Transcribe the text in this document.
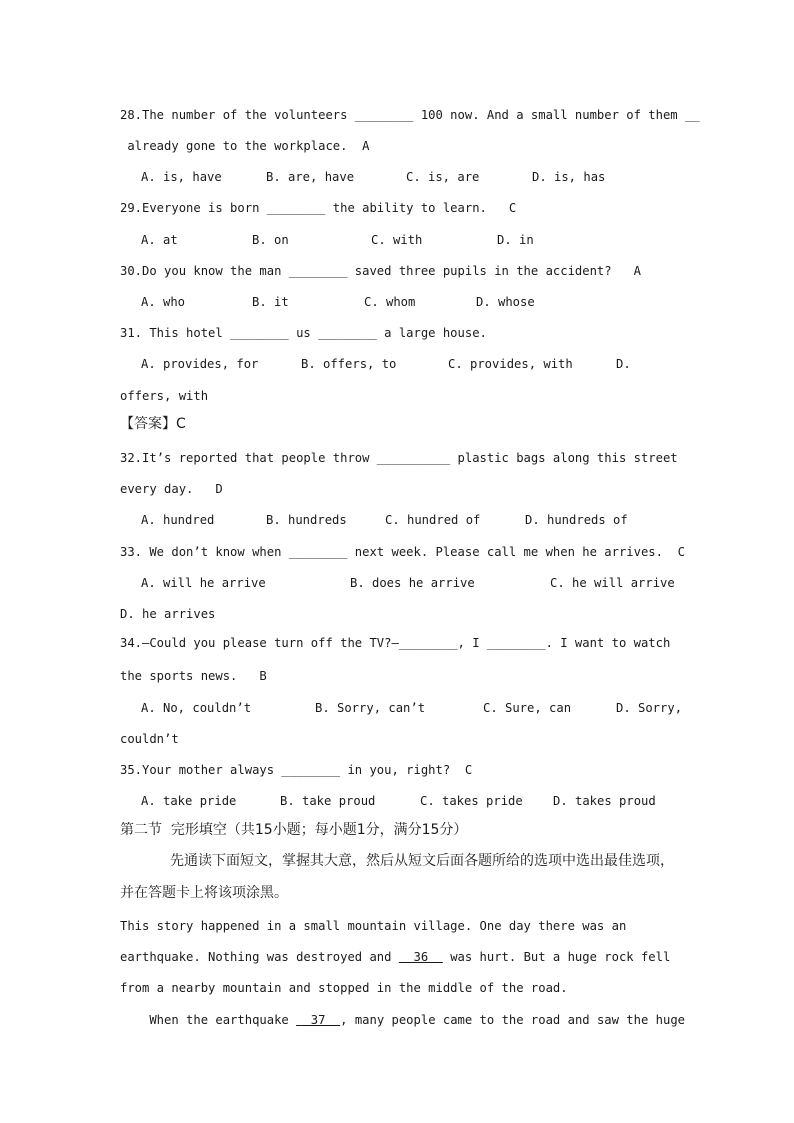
28.The number of the volunteers ________ 100 now. And a small number of them __
already gone to the workplace.  A
A. is, have	B. are, have	C. is, are	D. is, has
29.Everyone is born ________ the ability to learn.   C
A. at	B. on	C. with	D. in
30.Do you know the man ________ saved three pupils in the accident?   A
A. who	B. it	C. whom	D. whose
31. This hotel ________ us ________ a large house.
A. provides, for	B. offers, to	C. provides, with	D.
offers, with
【答案】C
32.It’s reported that people throw __________ plastic bags along this street
every day.   D
A. hundred	B. hundreds	C. hundred of	D. hundreds of
33. We don’t know when ________ next week. Please call me when he arrives.  C
A. will he arrive	B. does he arrive	C. he will arrive
D. he arrives
34.—Could you please turn off the TV?—________, I ________. I want to watch
the sports news.   B
A. No, couldn’t	B. Sorry, can’t	C. Sure, can	D. Sorry,
couldn’t
35.Your mother always ________ in you, right?  C
A. take pride	B. take proud	C. takes pride D. takes proud
第二节  完形填空（共15小题；每小题1分，满分15分）
先通读下面短文，掌握其大意，然后从短文后面各题所给的选项中选出最佳选项，
并在答题卡上将该项涂黑。
This story happened in a small mountain village. One day there was an
earthquake. Nothing was destroyed and   36   was hurt. But a huge rock fell
from a nearby mountain and stopped in the middle of the road.
When the earthquake   37  , many people came to the road and saw the huge
